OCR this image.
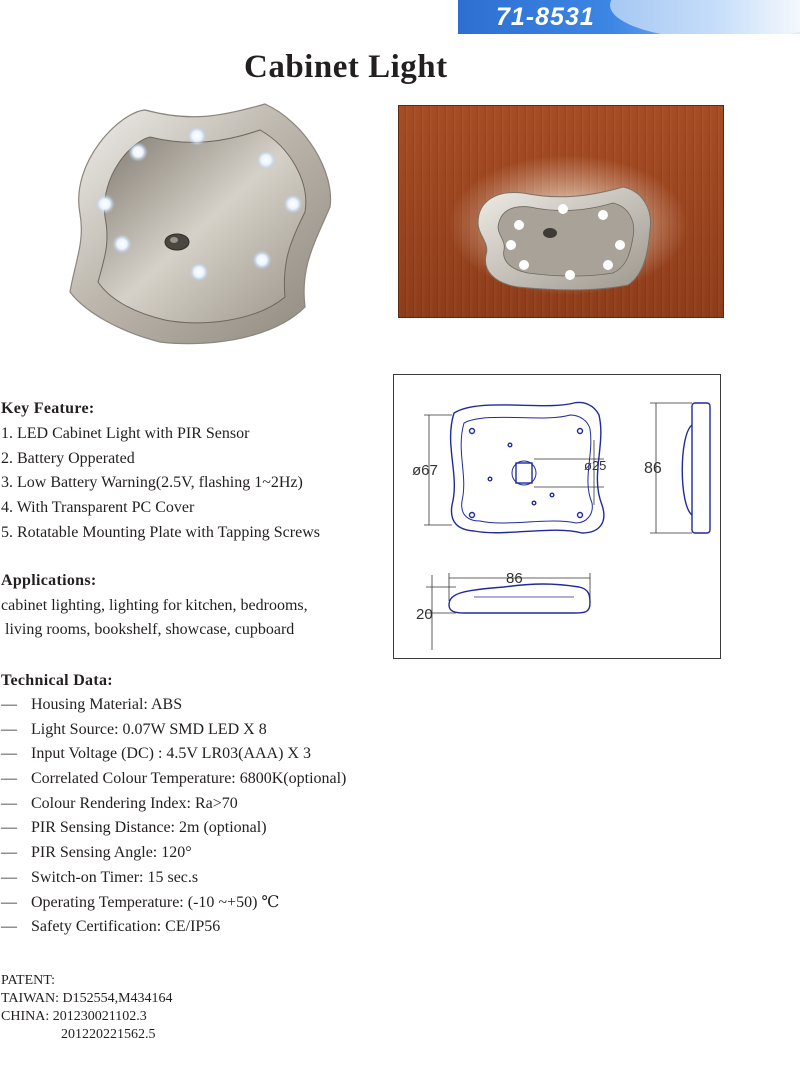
71-8531
Cabinet Light
ø67	ø25 86
86
20
Key Feature:
1. LED Cabinet Light with PIR Sensor
2. Battery Opperated
3. Low Battery Warning(2.5V, flashing 1~2Hz)
4. With Transparent PC Cover
5. Rotatable Mounting Plate with Tapping Screws
Applications:

cabinet lighting, lighting for kitchen, bedrooms,

living rooms, bookshelf, showcase, cupboard

Technical Data:
— Housing Material: ABS
— Light Source: 0.07W SMD LED X 8
— Input Voltage (DC) : 4.5V LR03(AAA) X 3
— Correlated Colour Temperature: 6800K(optional)
— Colour Rendering Index: Ra>70
— PIR Sensing Distance: 2m (optional)
— PIR Sensing Angle: 120°
— Switch-on Timer: 15 sec.s
— Operating Temperature: (-10 ~+50) ℃
— Safety Certification: CE/IP56
PATENT:
TAIWAN: D152554,M434164
CHINA: 201230021102.3
201220221562.5
